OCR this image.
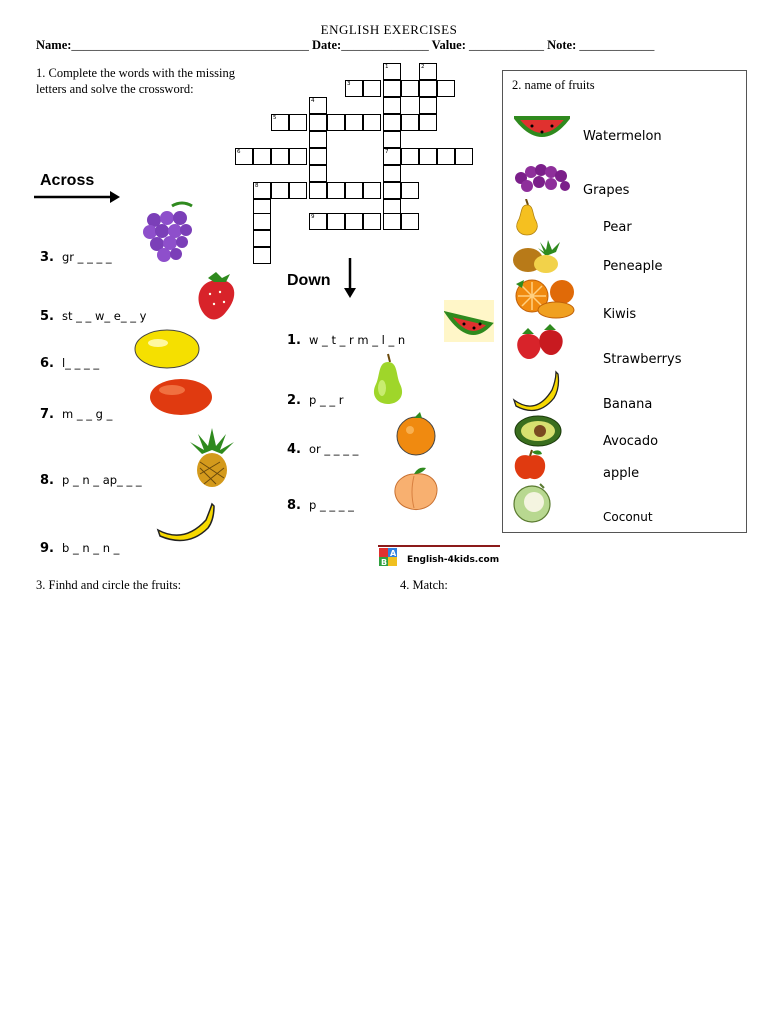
ENGLISH EXERCISES
Name:______________________________________ Date:______________ Value: ____________ Note: ____________
1. Complete the words with the missing letters and solve the crossword:
1	2
3
4
5
6	7
8
9
Across
3. gr _ _ _ _
5. st _ _ w_ e_ _ y
6. l_ _ _ _
7. m _ _ g _
8. p _ n _ ap_ _ _
9. b _ n _ n _
Down
1. w _ t _ r m _ l _ n
2. p _ _ r
4. or _ _ _ _
8. p _ _ _ _
A
B English-4kids.com
2. name of fruits
Watermelon
Grapes
Pear
Peneaple
Kiwis
Strawberrys
Banana
Avocado
apple
Coconut
3. Finhd and circle the fruits:	4. Match:
